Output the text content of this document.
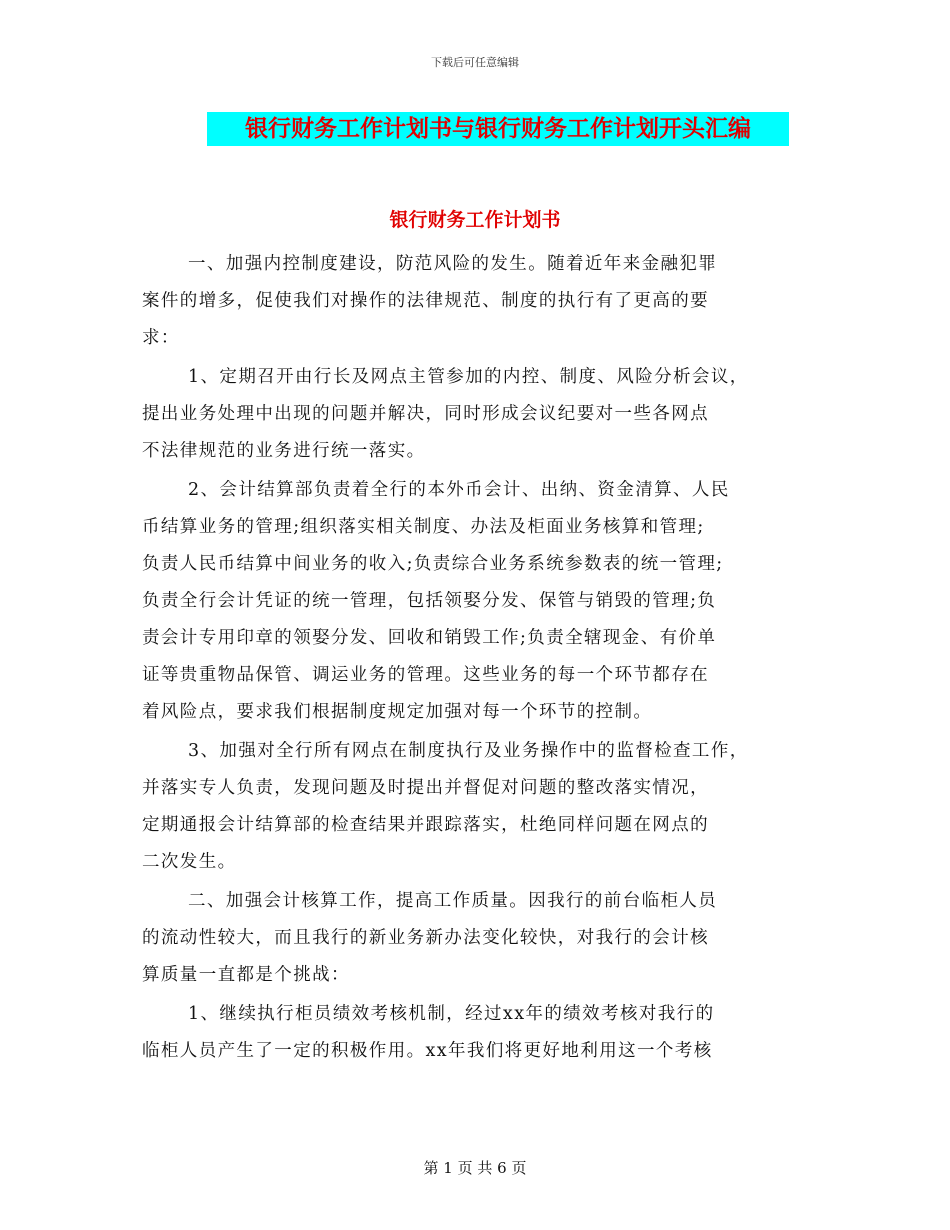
下载后可任意编辑
银行财务工作计划书与银行财务工作计划开头汇编
银行财务工作计划书
一、加强内控制度建设，防范风险的发生。随着近年来金融犯罪
案件的增多，促使我们对操作的法律规范、制度的执行有了更高的要
求：
1、定期召开由行长及网点主管参加的内控、制度、风险分析会议，
提出业务处理中出现的问题并解决，同时形成会议纪要对一些各网点
不法律规范的业务进行统一落实。
2、会计结算部负责着全行的本外币会计、出纳、资金清算、人民
币结算业务的管理;组织落实相关制度、办法及柜面业务核算和管理;
负责人民币结算中间业务的收入;负责综合业务系统参数表的统一管理;
负责全行会计凭证的统一管理，包括领娶分发、保管与销毁的管理;负
责会计专用印章的领娶分发、回收和销毁工作;负责全辖现金、有价单
证等贵重物品保管、调运业务的管理。这些业务的每一个环节都存在
着风险点，要求我们根据制度规定加强对每一个环节的控制。
3、加强对全行所有网点在制度执行及业务操作中的监督检查工作，
并落实专人负责，发现问题及时提出并督促对问题的整改落实情况，
定期通报会计结算部的检查结果并跟踪落实，杜绝同样问题在网点的
二次发生。
二、加强会计核算工作，提高工作质量。因我行的前台临柜人员
的流动性较大，而且我行的新业务新办法变化较快，对我行的会计核
算质量一直都是个挑战：
1、继续执行柜员绩效考核机制，经过xx年的绩效考核对我行的
临柜人员产生了一定的积极作用。xx年我们将更好地利用这一个考核
第 1 页 共 6 页
